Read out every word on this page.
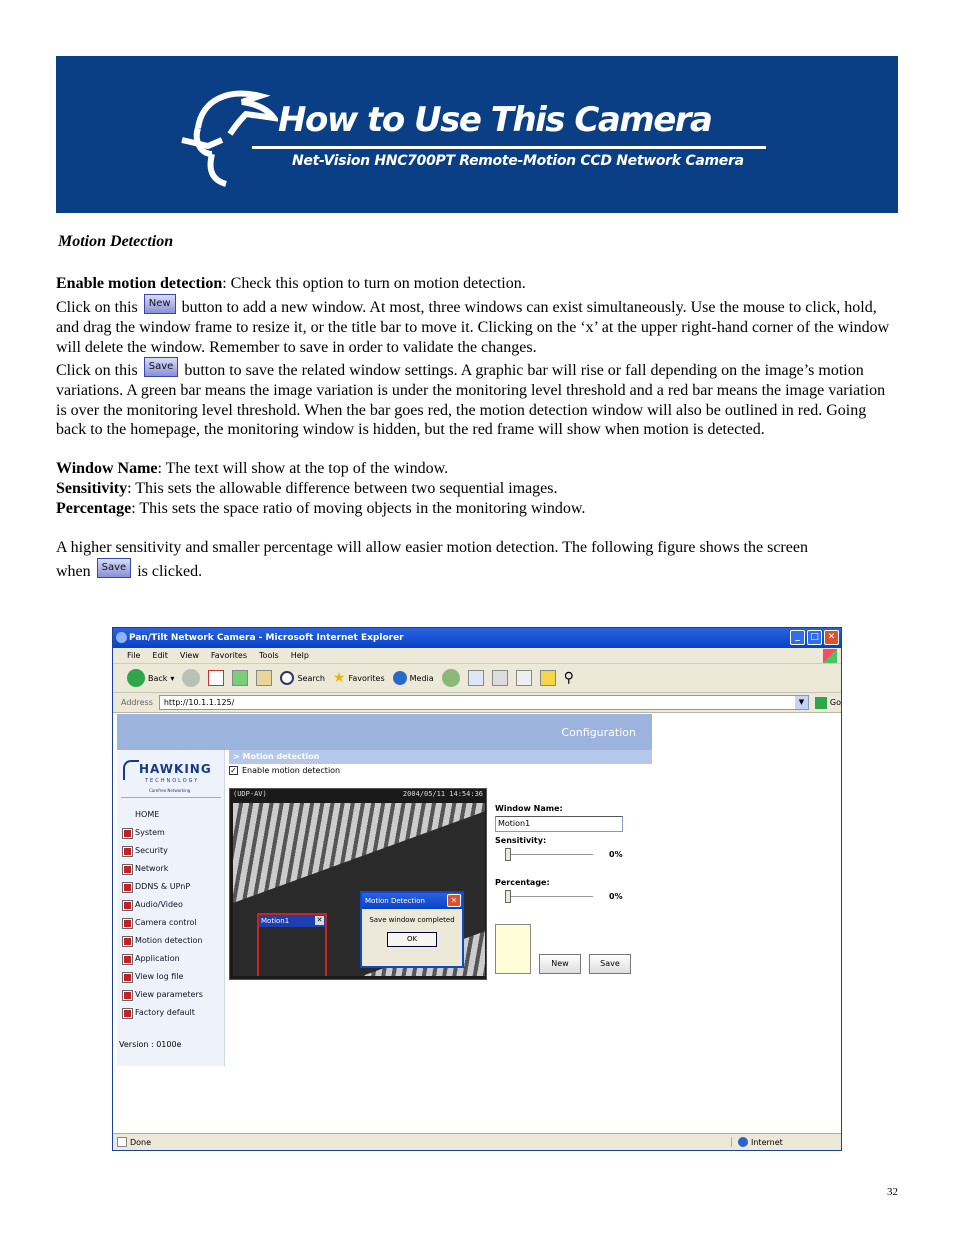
How to Use This Camera
Net-Vision HNC700PT Remote-Motion CCD Network Camera
Motion Detection
Enable motion detection: Check this option to turn on motion detection.
Click on this New button to add a new window. At most, three windows can exist simultaneously. Use the mouse to click, hold, and drag the window frame to resize it, or the title bar to move it. Clicking on the ‘x’ at the upper right-hand corner of the window will delete the window. Remember to save in order to validate the changes.
Click on this Save button to save the related window settings. A graphic bar will rise or fall depending on the image’s motion variations. A green bar means the image variation is under the monitoring level threshold and a red bar means the image variation is over the monitoring level threshold. When the bar goes red, the motion detection window will also be outlined in red. Going back to the homepage, the monitoring window is hidden, but the red frame will show when motion is detected.
Window Name: The text will show at the top of the window.
Sensitivity: This sets the allowable difference between two sequential images.
Percentage: This sets the space ratio of moving objects in the monitoring window.
A higher sensitivity and smaller percentage will allow easier motion detection. The following figure shows the screen
when Save is clicked.
Pan/Tilt Network Camera - Microsoft Internet Explorer	_	□ ✕
File Edit View Favorites Tools Help
Back ▾	Search ★ Favorites	Media	⚲
Address	http://10.1.1.125/	▼	Go
Configuration
HAWKING
TECHNOLOGY
Carefree Networking
HOME
System
Security
Network
DDNS & UPnP
Audio/Video
Camera control
Motion detection
Application
View log file
View parameters
Factory default
Version : 0100e
> Motion detection
✓ Enable motion detection
(UDP-AV)	2004/05/11 14:54:36
Motion1	✕
Motion Detection	✕
Save window completed
OK
Window Name:
Motion1
Sensitivity:
0%
Percentage:
0%
New	Save
Done	Internet
32
